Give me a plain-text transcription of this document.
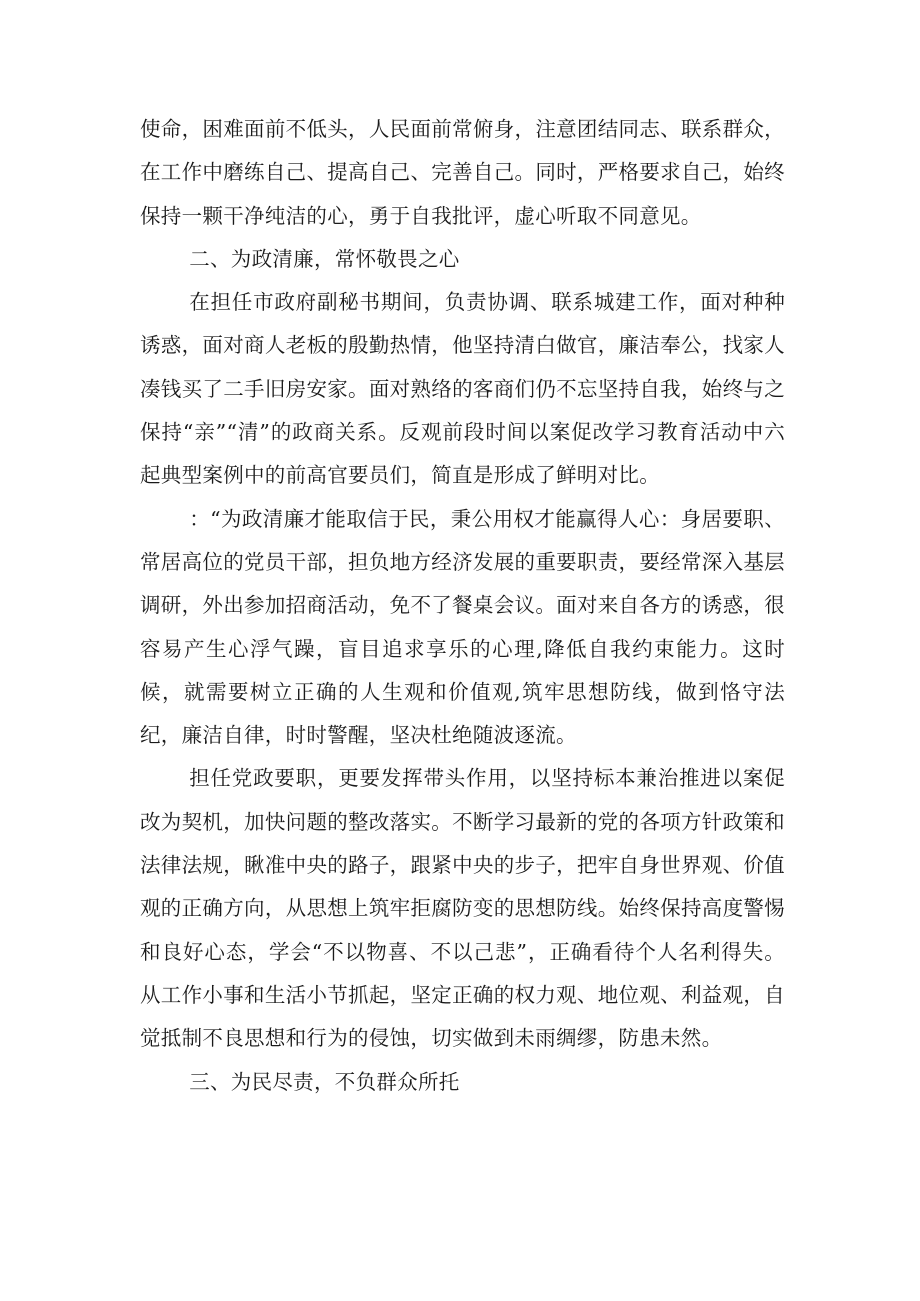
使命，困难面前不低头，人民面前常俯身，注意团结同志、联系群众，在工作中磨练自己、提高自己、完善自己。同时，严格要求自己，始终保持一颗干净纯洁的心，勇于自我批评，虚心听取不同意见。

二、为政清廉，常怀敬畏之心

在担任市政府副秘书期间，负责协调、联系城建工作，面对种种诱惑，面对商人老板的殷勤热情，他坚持清白做官，廉洁奉公，找家人凑钱买了二手旧房安家。面对熟络的客商们仍不忘坚持自我，始终与之保持“亲”“清”的政商关系。反观前段时间以案促改学习教育活动中六起典型案例中的前高官要员们，简直是形成了鲜明对比。

：“为政清廉才能取信于民，秉公用权才能赢得人心：身居要职、常居高位的党员干部，担负地方经济发展的重要职责，要经常深入基层调研，外出参加招商活动，免不了餐桌会议。面对来自各方的诱惑，很容易产生心浮气躁，盲目追求享乐的心理,降低自我约束能力。这时候，就需要树立正确的人生观和价值观,筑牢思想防线，做到恪守法纪，廉洁自律，时时警醒，坚决杜绝随波逐流。

担任党政要职，更要发挥带头作用，以坚持标本兼治推进以案促改为契机，加快问题的整改落实。不断学习最新的党的各项方针政策和法律法规，瞅准中央的路子，跟紧中央的步子，把牢自身世界观、价值观的正确方向，从思想上筑牢拒腐防变的思想防线。始终保持高度警惕和良好心态，学会“不以物喜、不以己悲”，正确看待个人名利得失。从工作小事和生活小节抓起，坚定正确的权力观、地位观、利益观，自觉抵制不良思想和行为的侵蚀，切实做到未雨绸缪，防患未然。

三、为民尽责，不负群众所托
